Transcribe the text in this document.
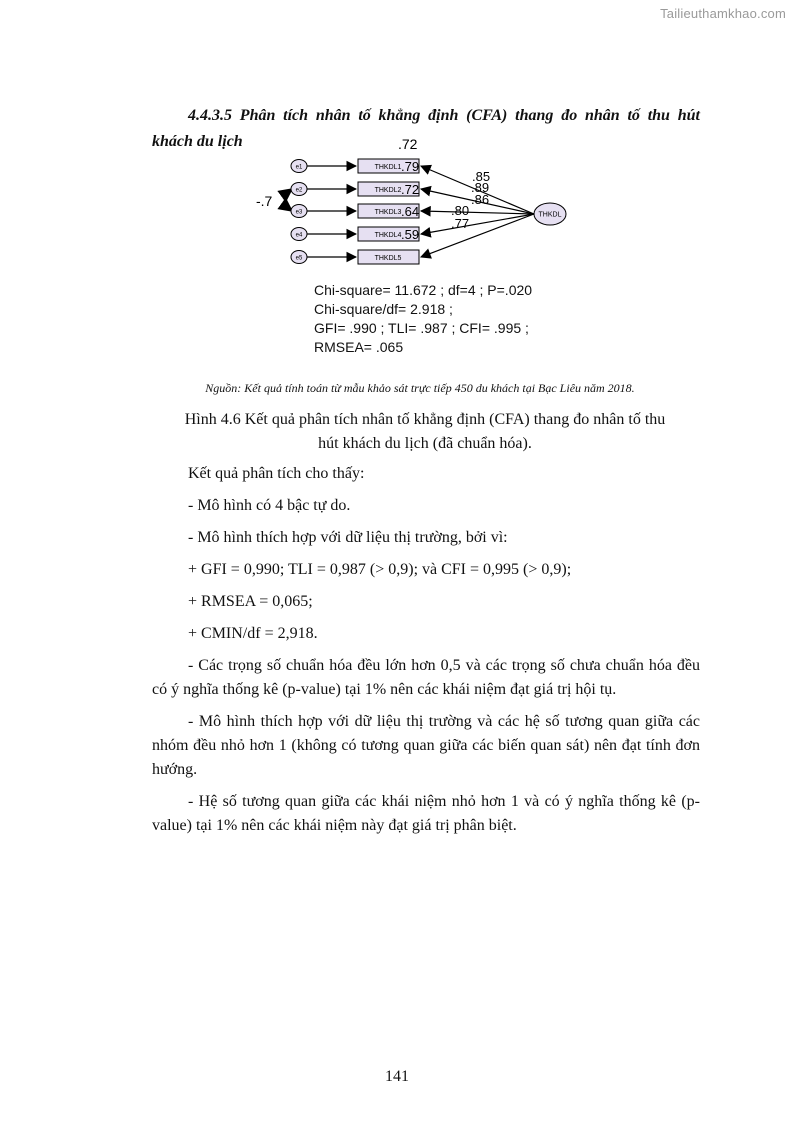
Tailieuthamkhao.com
4.4.3.5 Phân tích nhân tố khẳng định (CFA) thang đo nhân tố thu hút
khách du lịch
e1
e2
e3
e4
e5
THKDL1
THKDL2
THKDL3
THKDL4
THKDL5
THKDL
-.7
.72
.79
.72
.64
.59
.85
.89
.86
.80
.77
Chi-square= 11.672 ; df=4 ; P=.020
Chi-square/df= 2.918 ;
GFI= .990 ; TLI= .987 ; CFI= .995 ;
RMSEA= .065
Nguồn: Kết quả tính toán từ mẫu khảo sát trực tiếp 450 du khách tại Bạc Liêu năm 2018.
Hình 4.6 Kết quả phân tích nhân tố khẳng định (CFA) thang đo nhân tố thu
hút khách du lịch (đã chuẩn hóa).

Kết quả phân tích cho thấy:

- Mô hình có 4 bậc tự do.

- Mô hình thích hợp với dữ liệu thị trường, bởi vì:

+ GFI = 0,990; TLI = 0,987 (> 0,9); và CFI = 0,995 (> 0,9);

+ RMSEA = 0,065;

+ CMIN/df = 2,918.

- Các trọng số chuẩn hóa đều lớn hơn 0,5 và các trọng số chưa chuẩn hóa đều có ý nghĩa thống kê (p-value) tại 1% nên các khái niệm đạt giá trị hội tụ.

- Mô hình thích hợp với dữ liệu thị trường và các hệ số tương quan giữa các nhóm đều nhỏ hơn 1 (không có tương quan giữa các biến quan sát) nên đạt tính đơn hướng.

- Hệ số tương quan giữa các khái niệm nhỏ hơn 1 và có ý nghĩa thống kê (p-value) tại 1% nên các khái niệm này đạt giá trị phân biệt.

141
